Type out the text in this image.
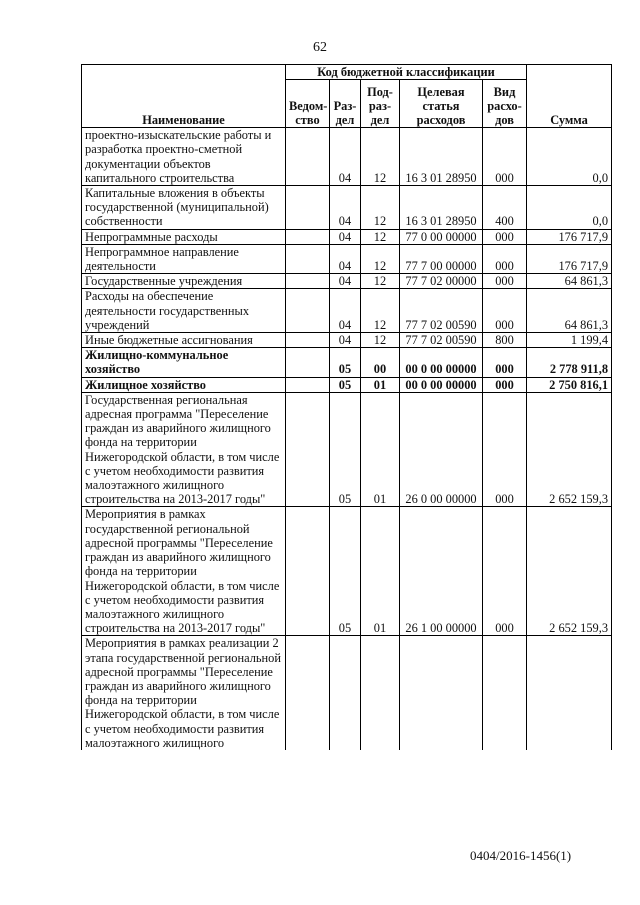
62
Наименование	Код бюджетной классификации					Сумма
	Ведом-ство	Раз-дел	Под-раз-дел	Целевая статья расходов	Вид расхо-дов	
проектно-изыскательские работы и разработка проектно-сметной документации объектов капитального строительства		04	12	16 3 01 28950	000	0,0
Капитальные вложения в объекты государственной (муниципальной) собственности		04	12	16 3 01 28950	400	0,0
Непрограммные расходы		04	12	77 0 00 00000	000	176 717,9
Непрограммное направление деятельности		04	12	77 7 00 00000	000	176 717,9
Государственные учреждения		04	12	77 7 02 00000	000	64 861,3
Расходы на обеспечение деятельности государственных учреждений		04	12	77 7 02 00590	000	64 861,3
Иные бюджетные ассигнования		04	12	77 7 02 00590	800	1 199,4
Жилищно-коммунальное хозяйство		05	00	00 0 00 00000	000	2 778 911,8
Жилищное хозяйство		05	01	00 0 00 00000	000	2 750 816,1
Государственная региональная адресная программа "Переселение граждан из аварийного жилищного фонда на территории Нижегородской области, в том числе с учетом необходимости развития малоэтажного жилищного строительства на 2013-2017 годы"		05	01	26 0 00 00000	000	2 652 159,3
Мероприятия в рамках государственной региональной адресной программы "Переселение граждан из аварийного жилищного фонда на территории Нижегородской области, в том числе с учетом необходимости развития малоэтажного жилищного строительства на 2013-2017 годы"		05	01	26 1 00 00000	000	2 652 159,3
Мероприятия в рамках реализации 2 этапа государственной региональной адресной программы "Переселение граждан из аварийного жилищного фонда на территории Нижегородской области, в том числе с учетом необходимости развития малоэтажного жилищного						
0404/2016-1456(1)
